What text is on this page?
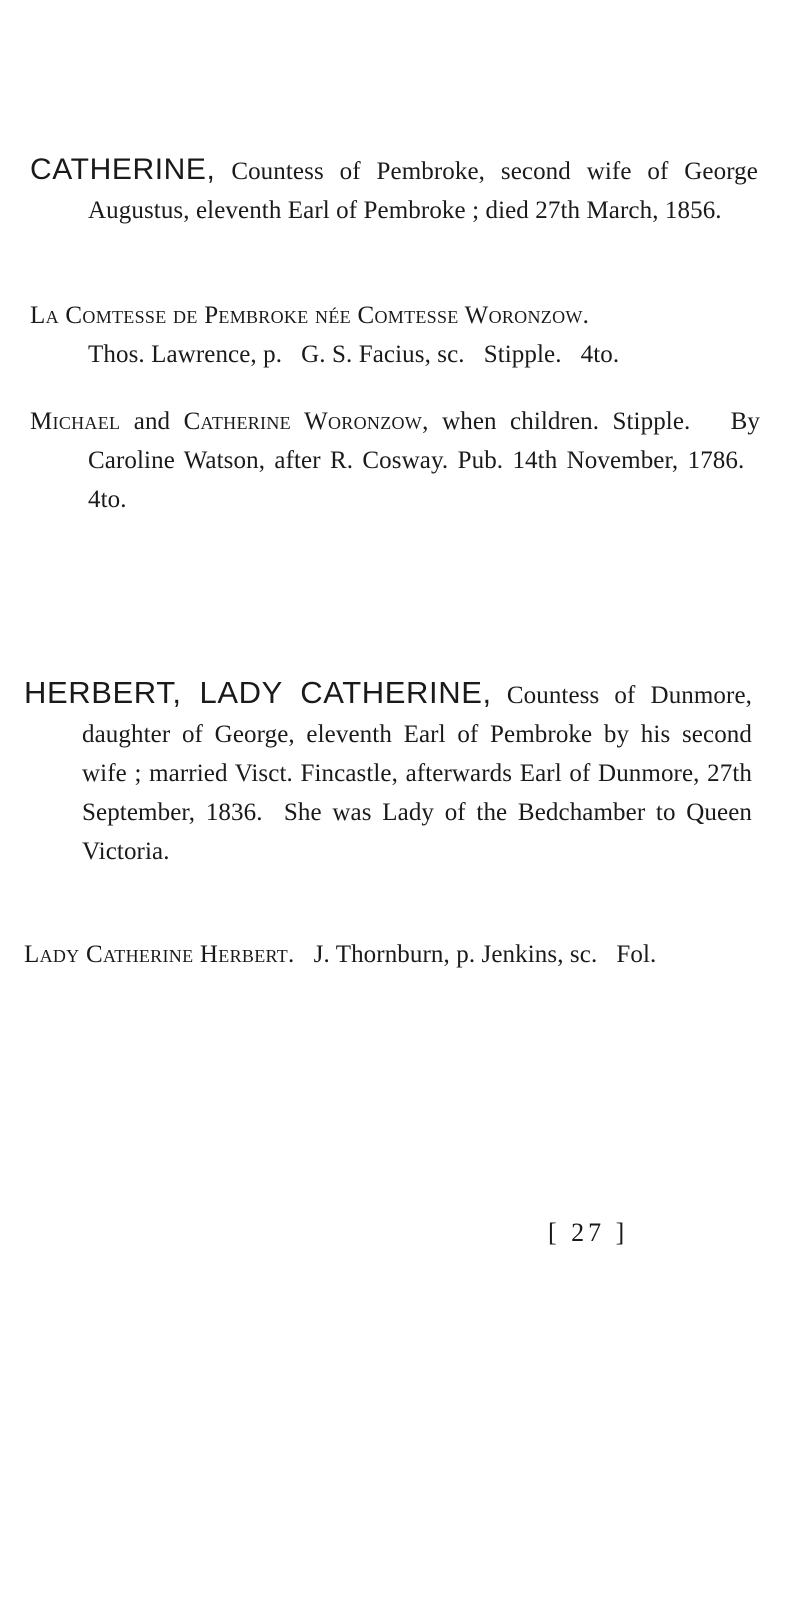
CATHERINE, Countess of Pembroke, second wife of George Augustus, eleventh Earl of Pembroke ; died 27th March, 1856.

La Comtesse de Pembroke née Comtesse Woronzow.
Thos. Lawrence, p.   G. S. Facius, sc.   Stipple.   4to.

Michael and Catherine Woronzow, when children. Stipple.   By Caroline Watson, after R. Cosway. Pub. 14th November, 1786.   4to.

HERBERT, LADY CATHERINE, Countess of Dunmore, daughter of George, eleventh Earl of Pembroke by his second wife ; married Visct. Fincastle, afterwards Earl of Dunmore, 27th September, 1836.  She was Lady of the Bedchamber to Queen Victoria.

Lady Catherine Herbert. J. Thornburn, p. Jenkins, sc.   Fol.

[ 27 ]
